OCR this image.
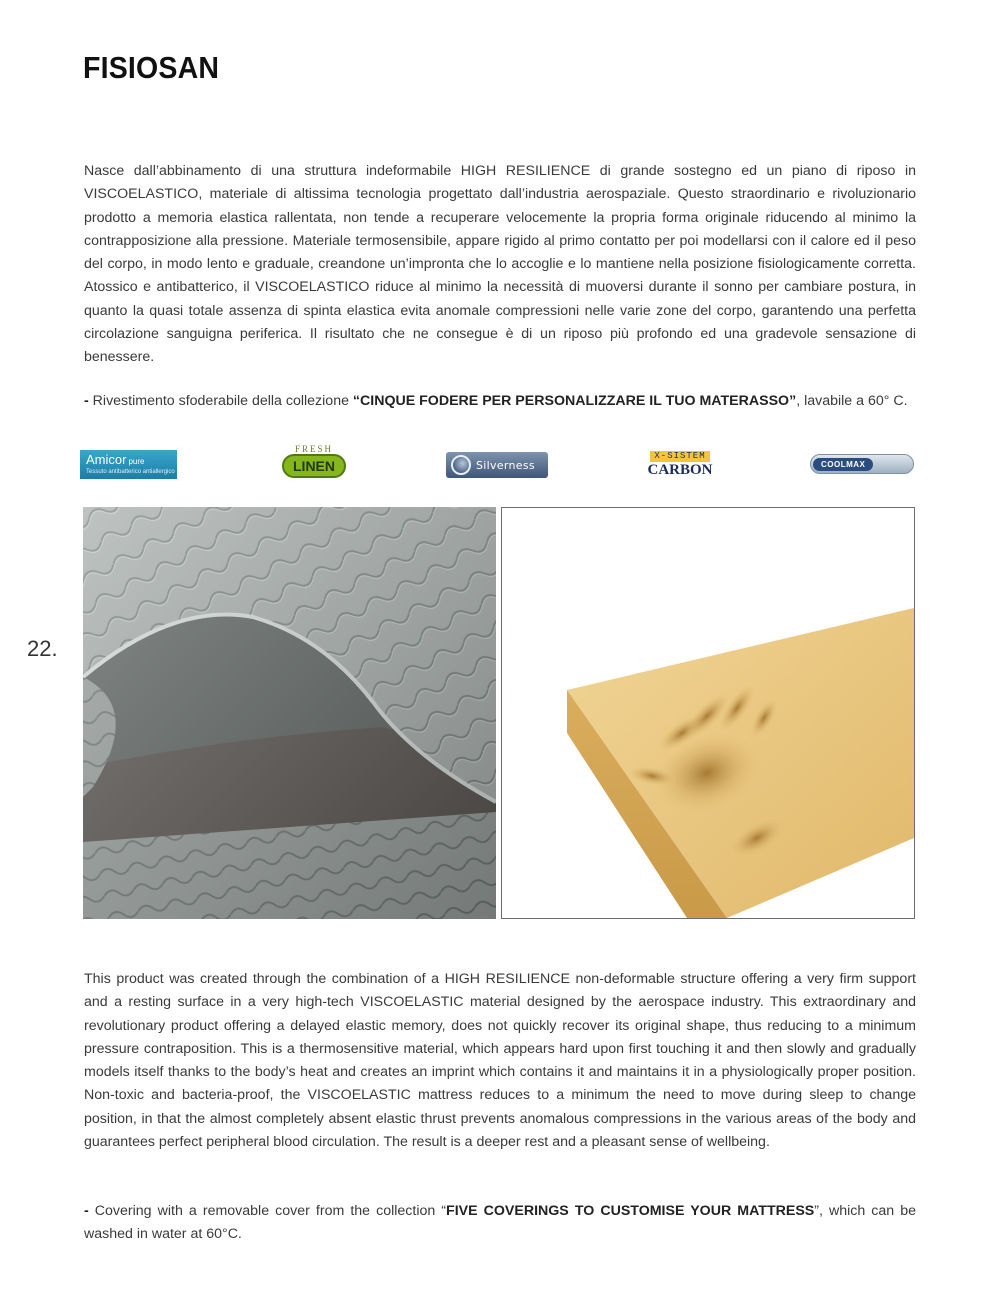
FISIOSAN

Nasce dall’abbinamento di una struttura indeformabile HIGH RESILIENCE di grande sostegno ed un piano di riposo in VISCOELASTICO, materiale di altissima tecnologia progettato dall’industria aerospaziale. Questo straordinario e rivoluzionario prodotto a memoria elastica rallentata, non tende a recuperare velocemente la propria forma originale riducendo al minimo la contrapposizione alla pressione. Materiale termosensibile, appare rigido al primo contatto per poi modellarsi con il calore ed il peso del corpo, in modo lento e graduale, creandone un’impronta che lo accoglie e lo mantiene nella posizione fisiologicamente corretta. Atossico e antibatterico, il VISCOELASTICO riduce al minimo la necessità di muoversi durante il sonno per cambiare postura, in quanto la quasi totale assenza di spinta elastica evita anomale compressioni nelle varie zone del corpo, garantendo una perfetta circolazione sanguigna periferica. Il risultato che ne consegue è di un riposo più profondo ed una gradevole sensazione di benessere.

- Rivestimento sfoderabile della collezione “CINQUE FODERE PER PERSONALIZZARE IL TUO MATERASSO”, lavabile a 60° C.

Amicor pure
Tessuto antibatterico antiallergico
FRESH
LINEN	Silverness
X-SISTEM
CARBON	COOLMAX
22.

This product was created through the combination of a HIGH RESILIENCE non-deformable structure offering a very firm support and a resting surface in a very high-tech VISCOELASTIC material designed by the aerospace industry. This extraordinary and revolutionary product offering a delayed elastic memory, does not quickly recover its original shape, thus reducing to a minimum pressure contraposition. This is a thermosensitive material, which appears hard upon first touching it and then slowly and gradually models itself thanks to the body’s heat and creates an imprint which contains it and maintains it in a physiologically proper position. Non-toxic and bacteria-proof, the VISCOELASTIC mattress reduces to a minimum the need to move during sleep to change position, in that the almost completely absent elastic thrust prevents anomalous compressions in the various areas of the body and guarantees perfect peripheral blood circulation. The result is a deeper rest and a pleasant sense of wellbeing.

- Covering with a removable cover from the collection “FIVE COVERINGS TO CUSTOMISE YOUR MATTRESS”, which can be washed in water at 60°C.
